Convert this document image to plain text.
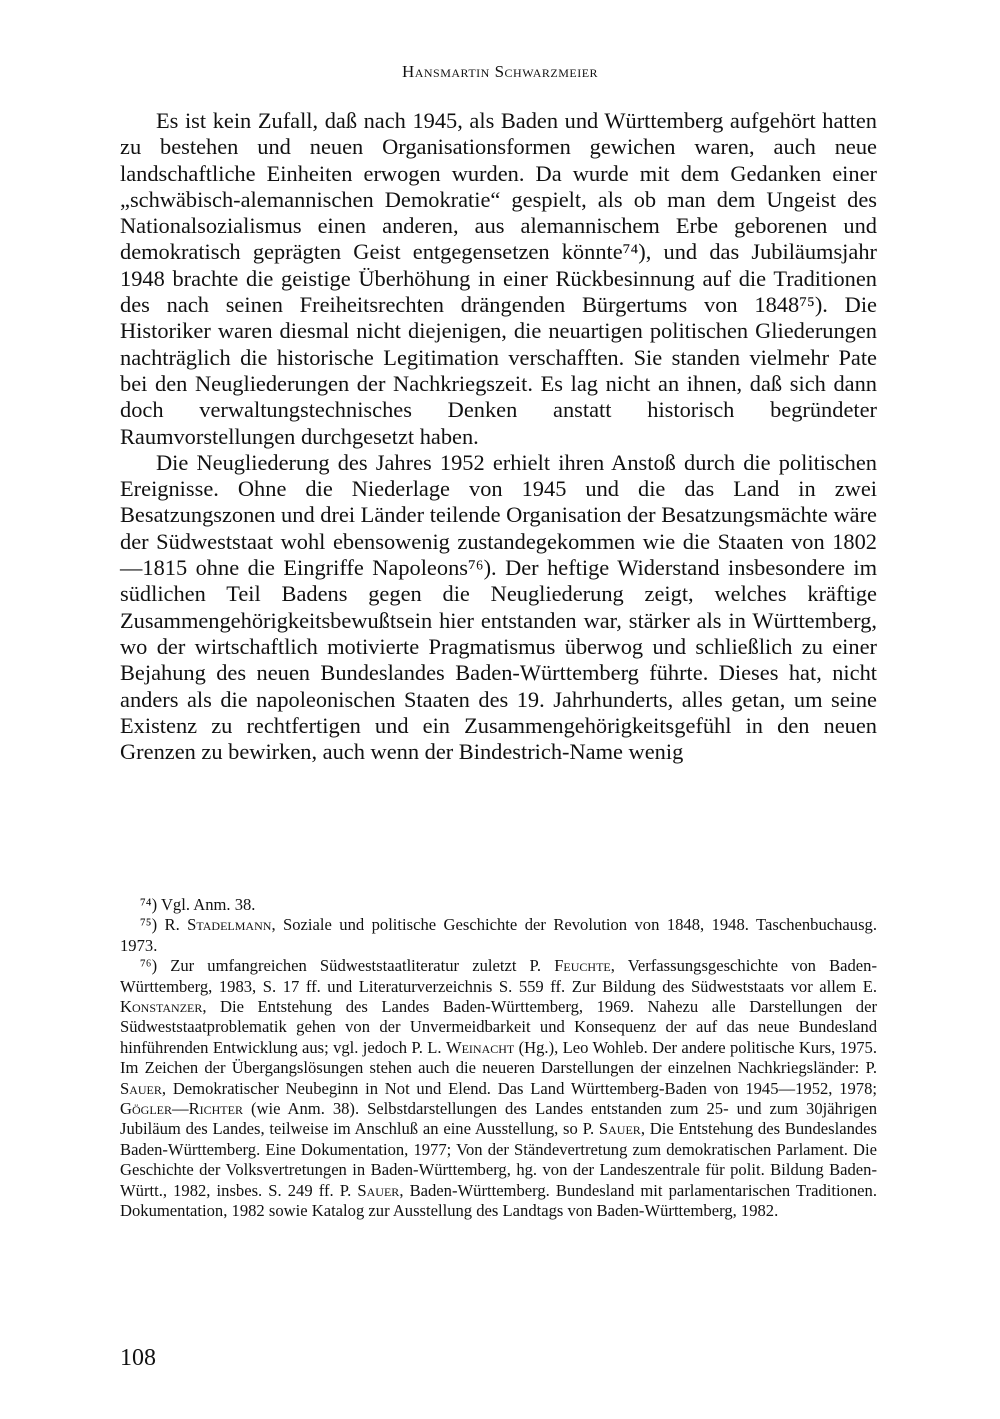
Hansmartin Schwarzmeier

Es ist kein Zufall, daß nach 1945, als Baden und Württemberg aufgehört hatten zu bestehen und neuen Organisationsformen gewichen waren, auch neue landschaftliche Einheiten erwogen wurden. Da wurde mit dem Gedanken einer „schwäbisch-alemannischen Demokratie“ gespielt, als ob man dem Ungeist des Nationalsozialismus einen anderen, aus alemannischem Erbe geborenen und demokratisch geprägten Geist entgegensetzen könnte⁷⁴), und das Jubiläumsjahr 1948 brachte die geistige Überhöhung in einer Rückbesinnung auf die Traditionen des nach seinen Freiheitsrechten drängenden Bürgertums von 1848⁷⁵). Die Historiker waren diesmal nicht diejenigen, die neuartigen politischen Gliederungen nachträglich die historische Legitimation verschafften. Sie standen vielmehr Pate bei den Neugliederungen der Nachkriegszeit. Es lag nicht an ihnen, daß sich dann doch verwaltungstechnisches Denken anstatt historisch begründeter Raumvorstellungen durchgesetzt haben.

Die Neugliederung des Jahres 1952 erhielt ihren Anstoß durch die politischen Ereignisse. Ohne die Niederlage von 1945 und die das Land in zwei Besatzungszonen und drei Länder teilende Organisation der Besatzungsmächte wäre der Südweststaat wohl ebensowenig zustandegekommen wie die Staaten von 1802—1815 ohne die Eingriffe Napoleons⁷⁶). Der heftige Widerstand insbesondere im südlichen Teil Badens gegen die Neugliederung zeigt, welches kräftige Zusammengehörigkeitsbewußtsein hier entstanden war, stärker als in Württemberg, wo der wirtschaftlich motivierte Pragmatismus überwog und schließlich zu einer Bejahung des neuen Bundeslandes Baden-Württemberg führte. Dieses hat, nicht anders als die napoleonischen Staaten des 19. Jahrhunderts, alles getan, um seine Existenz zu rechtfertigen und ein Zusammengehörigkeitsgefühl in den neuen Grenzen zu bewirken, auch wenn der Bindestrich-Name wenig

⁷⁴) Vgl. Anm. 38.

⁷⁵) R. Stadelmann, Soziale und politische Geschichte der Revolution von 1848, 1948. Taschenbuchausg. 1973.

⁷⁶) Zur umfangreichen Südweststaatliteratur zuletzt P. Feuchte, Verfassungsgeschichte von Baden-Württemberg, 1983, S. 17 ff. und Literaturverzeichnis S. 559 ff. Zur Bildung des Südweststaats vor allem E. Konstanzer, Die Entstehung des Landes Baden-Württemberg, 1969. Nahezu alle Darstellungen der Südweststaatproblematik gehen von der Unvermeidbarkeit und Konsequenz der auf das neue Bundesland hinführenden Entwicklung aus; vgl. jedoch P. L. Weinacht (Hg.), Leo Wohleb. Der andere politische Kurs, 1975. Im Zeichen der Übergangslösungen stehen auch die neueren Darstellungen der einzelnen Nachkriegsländer: P. Sauer, Demokratischer Neubeginn in Not und Elend. Das Land Württemberg-Baden von 1945—1952, 1978; Gögler—Richter (wie Anm. 38). Selbstdarstellungen des Landes entstanden zum 25- und zum 30jährigen Jubiläum des Landes, teilweise im Anschluß an eine Ausstellung, so P. Sauer, Die Entstehung des Bundeslandes Baden-Württemberg. Eine Dokumentation, 1977; Von der Ständevertretung zum demokratischen Parlament. Die Geschichte der Volksvertretungen in Baden-Württemberg, hg. von der Landeszentrale für polit. Bildung Baden-Württ., 1982, insbes. S. 249 ff. P. Sauer, Baden-Württemberg. Bundesland mit parlamentarischen Traditionen. Dokumentation, 1982 sowie Katalog zur Ausstellung des Landtags von Baden-Württemberg, 1982.

108
